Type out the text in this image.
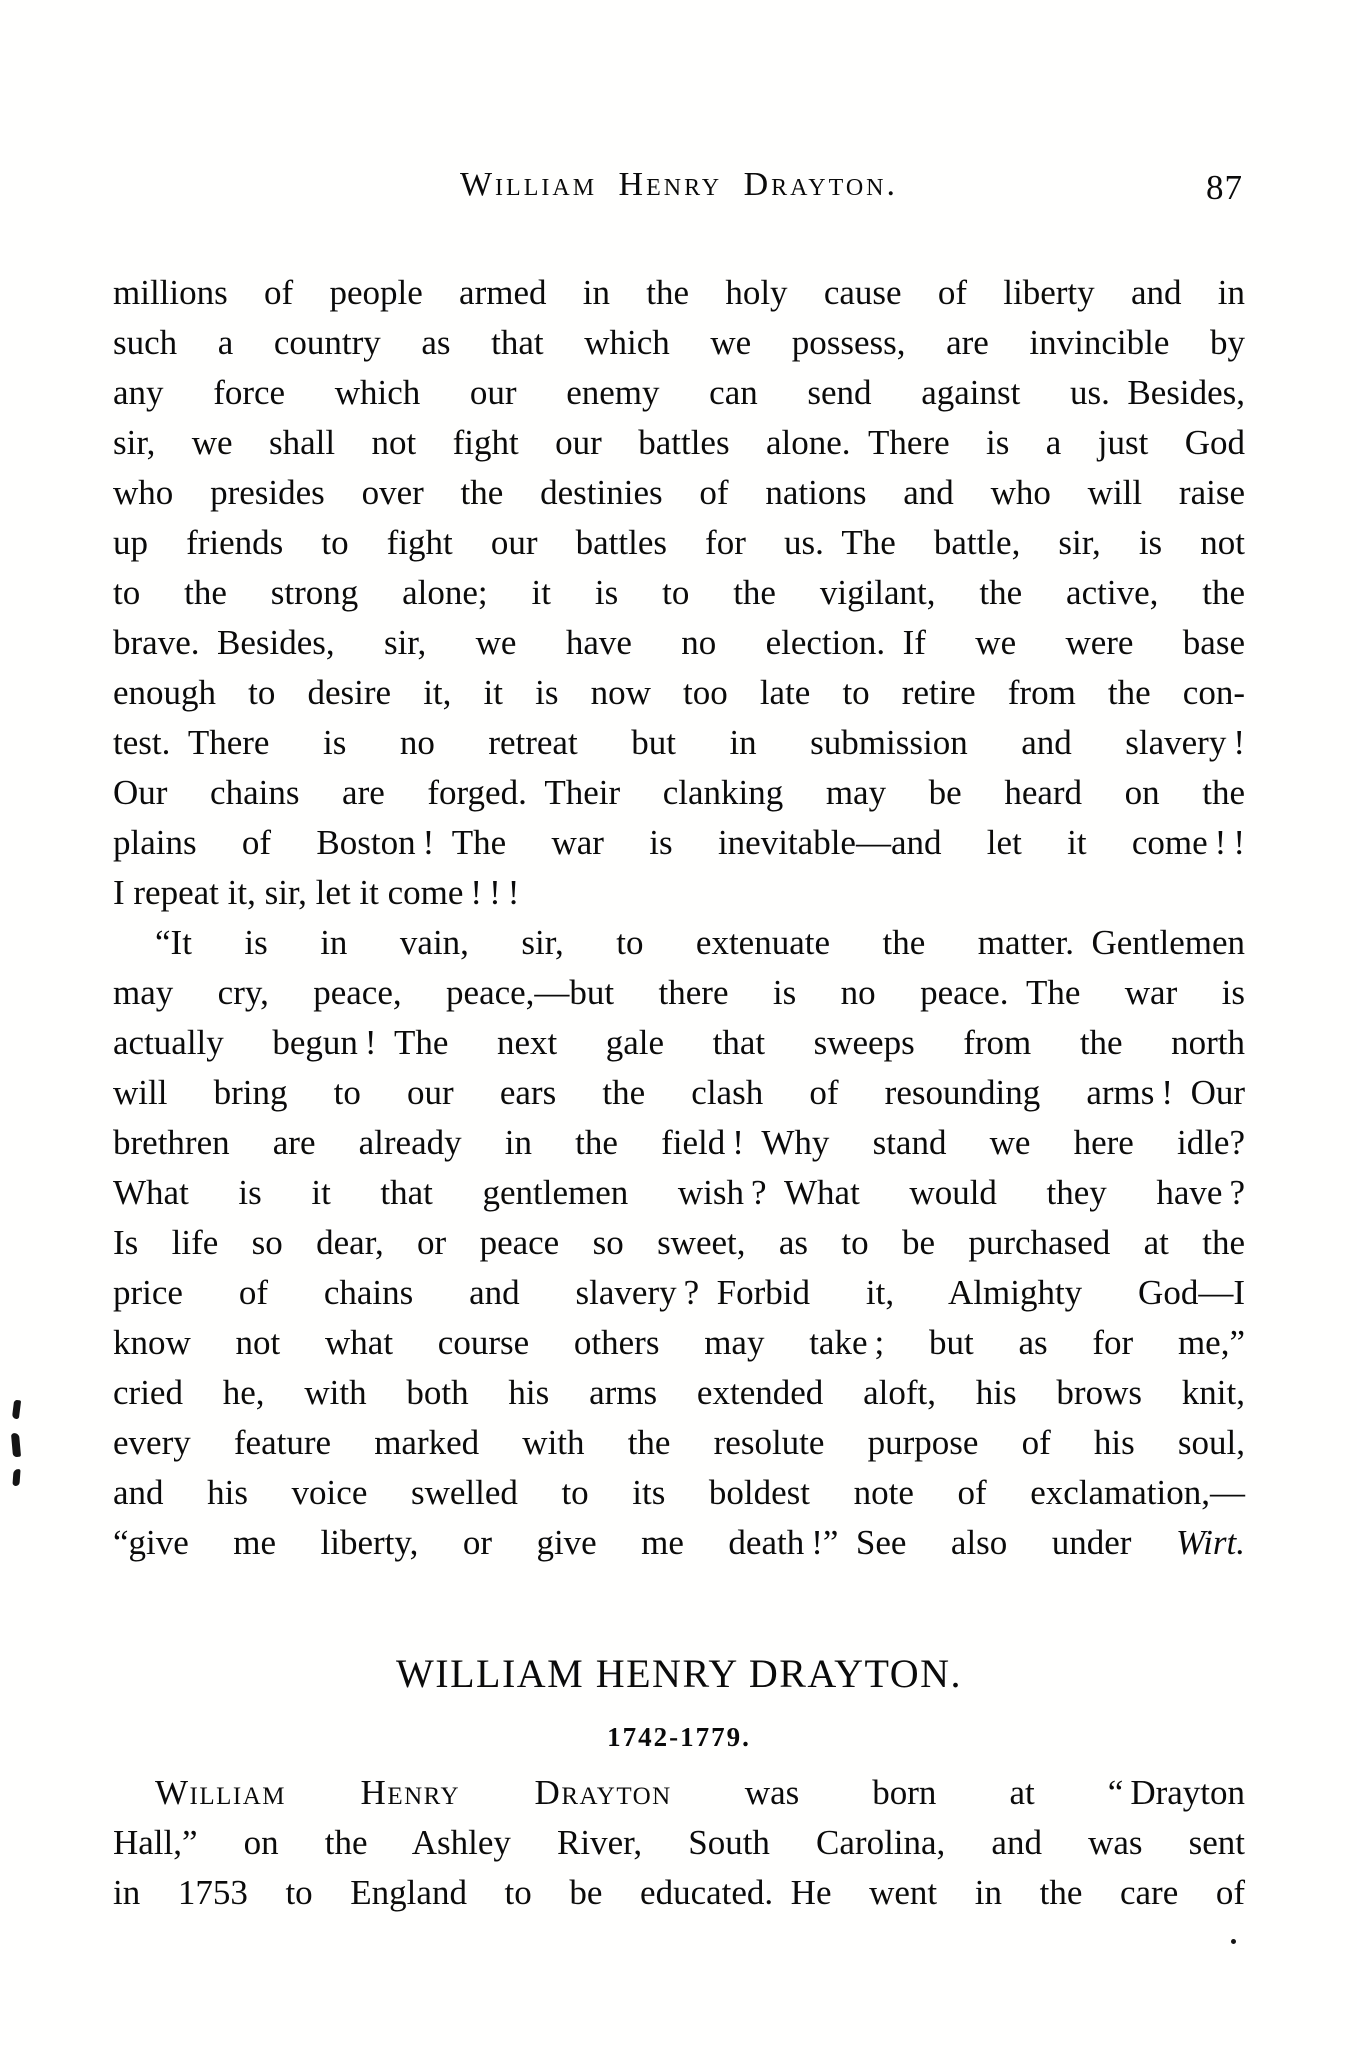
William Henry Drayton.	87
millions of people armed in the holy cause of liberty and in
such a country as that which we possess, are invincible by
any force which our enemy can send against us. Besides,
sir, we shall not fight our battles alone. There is a just God
who presides over the destinies of nations and who will raise
up friends to fight our battles for us. The battle, sir, is not
to the strong alone; it is to the vigilant, the active, the
brave. Besides, sir, we have no election. If we were base
enough to desire it, it is now too late to retire from the con-
test. There is no retreat but in submission and slavery !
Our chains are forged. Their clanking may be heard on the
plains of Boston ! The war is inevitable—and let it come ! !
I repeat it, sir, let it come ! ! !
“It is in vain, sir, to extenuate the matter. Gentlemen
may cry, peace, peace,—but there is no peace. The war is
actually begun ! The next gale that sweeps from the north
will bring to our ears the clash of resounding arms ! Our
brethren are already in the field ! Why stand we here idle?
What is it that gentlemen wish ? What would they have ?
Is life so dear, or peace so sweet, as to be purchased at the
price of chains and slavery ? Forbid it, Almighty God—I
know not what course others may take ; but as for me,”
cried he, with both his arms extended aloft, his brows knit,
every feature marked with the resolute purpose of his soul,
and his voice swelled to its boldest note of exclamation,—
“give me liberty, or give me death !” See also under Wirt.
WILLIAM HENRY DRAYTON.
1742-1779.
William Henry Drayton was born at “ Drayton
Hall,” on the Ashley River, South Carolina, and was sent
in 1753 to England to be educated. He went in the care of
